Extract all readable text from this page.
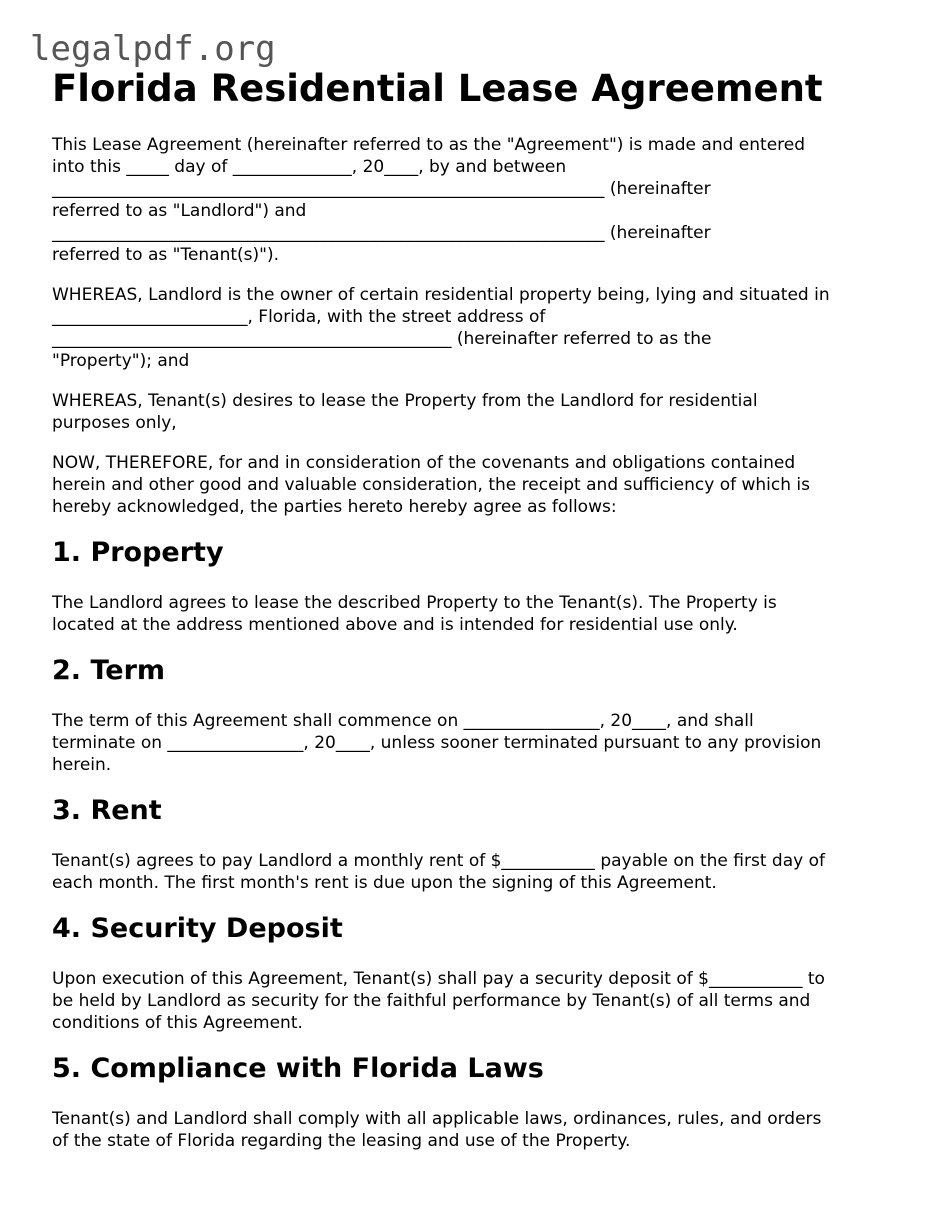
legalpdf.org
Florida Residential Lease Agreement

This Lease Agreement (hereinafter referred to as the "Agreement") is made and entered
into this _____ day of ______________, 20____, by and between
_________________________________________________________________ (hereinafter
referred to as "Landlord") and
_________________________________________________________________ (hereinafter
referred to as "Tenant(s)").

WHEREAS, Landlord is the owner of certain residential property being, lying and situated in
_______________________, Florida, with the street address of
_______________________________________________ (hereinafter referred to as the
"Property"); and

WHEREAS, Tenant(s) desires to lease the Property from the Landlord for residential
purposes only,

NOW, THEREFORE, for and in consideration of the covenants and obligations contained
herein and other good and valuable consideration, the receipt and sufficiency of which is
hereby acknowledged, the parties hereto hereby agree as follows:

1. Property

The Landlord agrees to lease the described Property to the Tenant(s). The Property is
located at the address mentioned above and is intended for residential use only.

2. Term

The term of this Agreement shall commence on ________________, 20____, and shall
terminate on ________________, 20____, unless sooner terminated pursuant to any provision
herein.

3. Rent

Tenant(s) agrees to pay Landlord a monthly rent of $___________ payable on the first day of
each month. The first month's rent is due upon the signing of this Agreement.

4. Security Deposit

Upon execution of this Agreement, Tenant(s) shall pay a security deposit of $___________ to
be held by Landlord as security for the faithful performance by Tenant(s) of all terms and
conditions of this Agreement.

5. Compliance with Florida Laws

Tenant(s) and Landlord shall comply with all applicable laws, ordinances, rules, and orders
of the state of Florida regarding the leasing and use of the Property.
